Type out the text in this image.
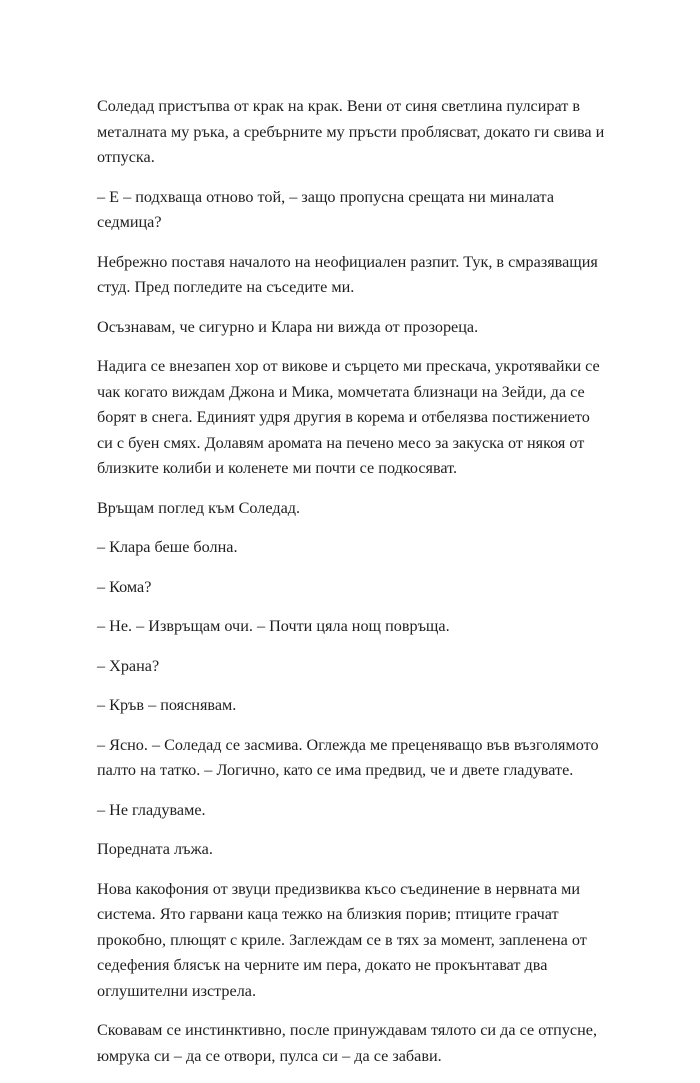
Соледад пристъпва от крак на крак. Вени от синя светлина пулсират в металната му ръка, а сребърните му пръсти проблясват, докато ги свива и отпуска.

– Е – подхваща отново той, – защо пропусна срещата ни миналата седмица?

Небрежно поставя началото на неофициален разпит. Тук, в смразяващия студ. Пред погледите на съседите ми.

Осъзнавам, че сигурно и Клара ни вижда от прозореца.

Надига се внезапен хор от викове и сърцето ми прескача, укротявайки се чак когато виждам Джона и Мика, момчетата близнаци на Зейди, да се борят в снега. Единият удря другия в корема и отбелязва постижението си с буен смях. Долавям аромата на печено месо за закуска от някоя от близките колиби и коленете ми почти се подкосяват.

Връщам поглед към Соледад.

– Клара беше болна.

– Кома?

– Не. – Извръщам очи. – Почти цяла нощ повръща.

– Храна?

– Кръв – пояснявам.

– Ясно. – Соледад се засмива. Оглежда ме преценяващо във възголямото палто на татко. – Логично, като се има предвид, че и двете гладувате.

– Не гладуваме.

Поредната лъжа.

Нова какофония от звуци предизвиква късо съединение в нервната ми система. Ято гарвани каца тежко на близкия порив; птиците грачат прокобно, плющят с криле. Заглеждам се в тях за момент, запленена от седефения блясък на черните им пера, докато не прокънтават два оглушителни изстрела.

Сковавам се инстинктивно, после принуждавам тялото си да се отпусне, юмрука си – да се отвори, пулса си – да се забави.
